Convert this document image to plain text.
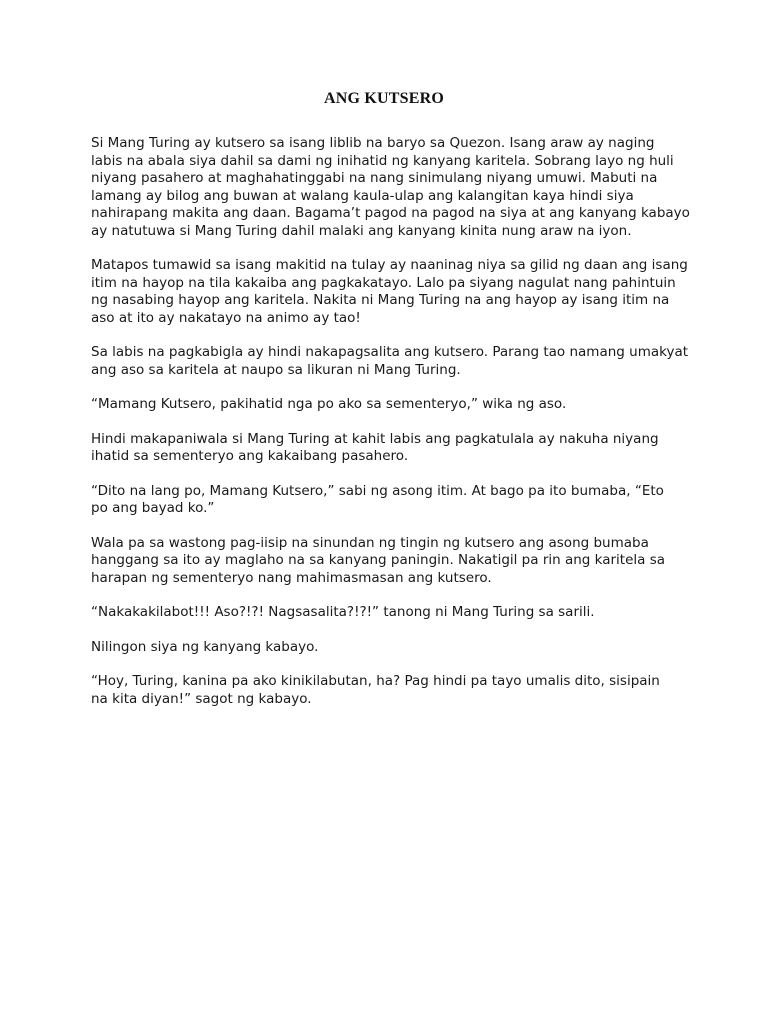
ANG KUTSERO

Si Mang Turing ay kutsero sa isang liblib na baryo sa Quezon. Isang araw ay naging
labis na abala siya dahil sa dami ng inihatid ng kanyang karitela. Sobrang layo ng huli
niyang pasahero at maghahatinggabi na nang sinimulang niyang umuwi. Mabuti na
lamang ay bilog ang buwan at walang kaula-ulap ang kalangitan kaya hindi siya
nahirapang makita ang daan. Bagama’t pagod na pagod na siya at ang kanyang kabayo
ay natutuwa si Mang Turing dahil malaki ang kanyang kinita nung araw na iyon.

Matapos tumawid sa isang makitid na tulay ay naaninag niya sa gilid ng daan ang isang
itim na hayop na tila kakaiba ang pagkakatayo. Lalo pa siyang nagulat nang pahintuin
ng nasabing hayop ang karitela. Nakita ni Mang Turing na ang hayop ay isang itim na
aso at ito ay nakatayo na animo ay tao!

Sa labis na pagkabigla ay hindi nakapagsalita ang kutsero. Parang tao namang umakyat
ang aso sa karitela at naupo sa likuran ni Mang Turing.

“Mamang Kutsero, pakihatid nga po ako sa sementeryo,” wika ng aso.

Hindi makapaniwala si Mang Turing at kahit labis ang pagkatulala ay nakuha niyang
ihatid sa sementeryo ang kakaibang pasahero.

“Dito na lang po, Mamang Kutsero,” sabi ng asong itim. At bago pa ito bumaba, “Eto
po ang bayad ko.”

Wala pa sa wastong pag-iisip na sinundan ng tingin ng kutsero ang asong bumaba
hanggang sa ito ay maglaho na sa kanyang paningin. Nakatigil pa rin ang karitela sa
harapan ng sementeryo nang mahimasmasan ang kutsero.

“Nakakakilabot!!! Aso?!?! Nagsasalita?!?!” tanong ni Mang Turing sa sarili.

Nilingon siya ng kanyang kabayo.

“Hoy, Turing, kanina pa ako kinikilabutan, ha? Pag hindi pa tayo umalis dito, sisipain
na kita diyan!” sagot ng kabayo.
